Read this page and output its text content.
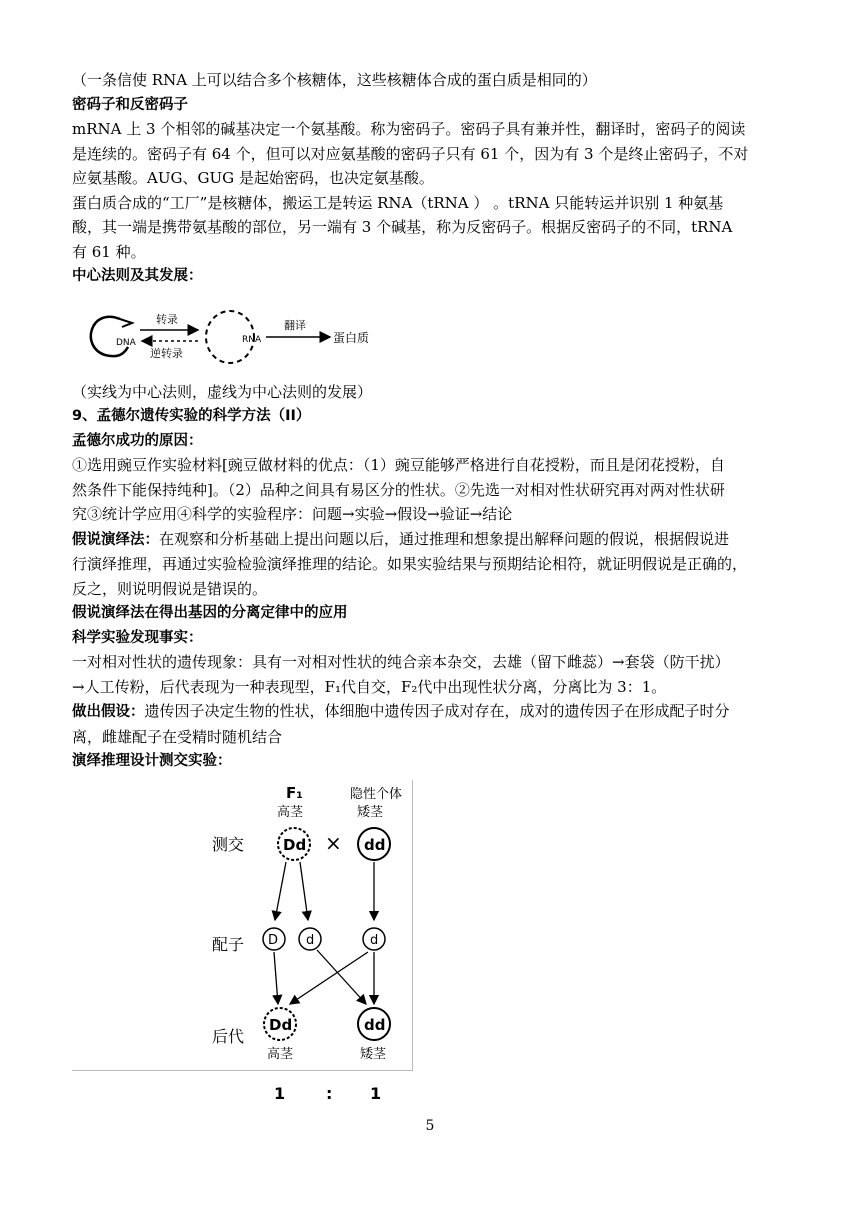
（一条信使 RNA 上可以结合多个核糖体，这些核糖体合成的蛋白质是相同的）
密码子和反密码子
mRNA 上 3 个相邻的碱基决定一个氨基酸。称为密码子。密码子具有兼并性，翻译时，密码子的阅读
是连续的。密码子有 64 个，但可以对应氨基酸的密码子只有 61 个，因为有 3 个是终止密码子，不对
应氨基酸。AUG、GUG 是起始密码，也决定氨基酸。
蛋白质合成的“工厂”是核糖体，搬运工是转运 RNA（tRNA ） 。tRNA 只能转运并识别 1 种氨基
酸，其一端是携带氨基酸的部位，另一端有 3 个碱基，称为反密码子。根据反密码子的不同，tRNA
有 61 种。
中心法则及其发展：
DNA
转录
逆转录
RNA
翻译
蛋白质
（实线为中心法则，虚线为中心法则的发展）
9、孟德尔遗传实验的科学方法（II）
孟德尔成功的原因：
①选用豌豆作实验材料[豌豆做材料的优点：（1）豌豆能够严格进行自花授粉，而且是闭花授粉，自
然条件下能保持纯种]。（2）品种之间具有易区分的性状。②先选一对相对性状研究再对两对性状研
究③统计学应用④科学的实验程序：问题→实验→假设→验证→结论
假说演绎法：在观察和分析基础上提出问题以后，通过推理和想象提出解释问题的假说，根据假说进
行演绎推理，再通过实验检验演绎推理的结论。如果实验结果与预期结论相符，就证明假说是正确的，
反之，则说明假说是错误的。
假说演绎法在得出基因的分离定律中的应用
科学实验发现事实：
一对相对性状的遗传现象：具有一对相对性状的纯合亲本杂交，去雄（留下雌蕊）→套袋（防干扰）
→人工传粉，后代表现为一种表现型，F₁代自交，F₂代中出现性状分离，分离比为 3：1。
做出假设：遗传因子决定生物的性状，体细胞中遗传因子成对存在，成对的遗传因子在形成配子时分
离，雌雄配子在受精时随机结合
演绎推理设计测交实验：
F₁
高茎
隐性个体
矮茎
测交
配子
后代
Dd × dd
D d	d
Dd	dd
高茎	矮茎
1	: 1
5
